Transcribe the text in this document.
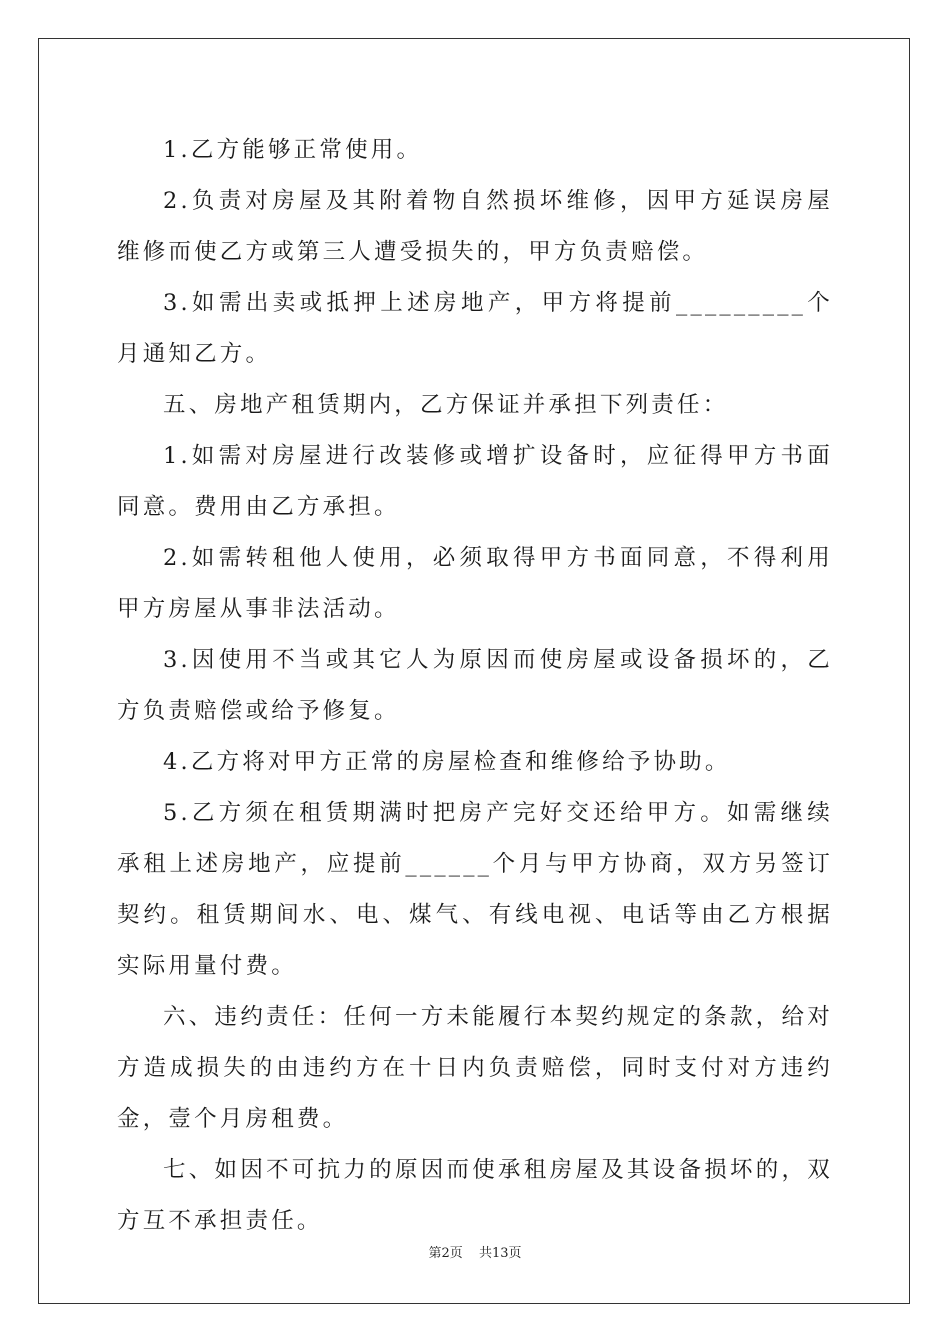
1.乙方能够正常使用。

2.负责对房屋及其附着物自然损坏维修，因甲方延误房屋维修而使乙方或第三人遭受损失的，甲方负责赔偿。

3.如需出卖或抵押上述房地产，甲方将提前_________个月通知乙方。

五、房地产租赁期内，乙方保证并承担下列责任：

1.如需对房屋进行改装修或增扩设备时，应征得甲方书面同意。费用由乙方承担。

2.如需转租他人使用，必须取得甲方书面同意，不得利用甲方房屋从事非法活动。

3.因使用不当或其它人为原因而使房屋或设备损坏的，乙方负责赔偿或给予修复。

4.乙方将对甲方正常的房屋检查和维修给予协助。

5.乙方须在租赁期满时把房产完好交还给甲方。如需继续承租上述房地产，应提前______个月与甲方协商，双方另签订契约。租赁期间水、电、煤气、有线电视、电话等由乙方根据实际用量付费。

六、违约责任：任何一方未能履行本契约规定的条款，给对方造成损失的由违约方在十日内负责赔偿，同时支付对方违约金，壹个月房租费。

七、如因不可抗力的原因而使承租房屋及其设备损坏的，双方互不承担责任。

第2页 共13页
